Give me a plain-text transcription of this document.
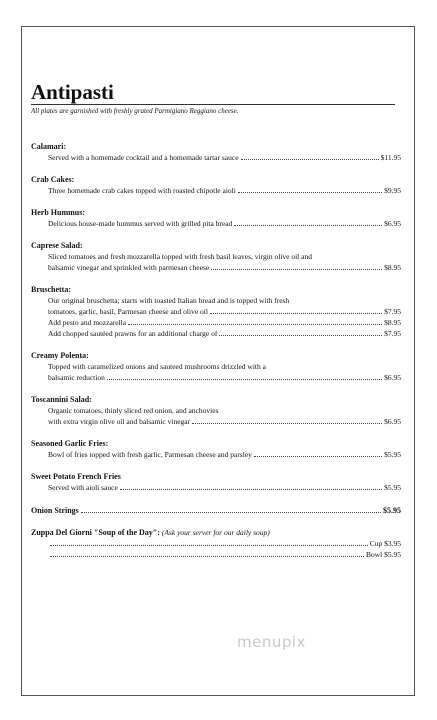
Antipasti
All plates are garnished with freshly grated Parmigiano Reggiano cheese.
Calamari:
Served with a homemade cocktail and a homemade tartar sauce	$11.95
Crab Cakes:
Three homemade crab cakes topped with roasted chipotle aioli	$9.95
Herb Hummus:
Delicious house-made hummus served with grilled pita bread	$6.95
Caprese Salad:
Sliced tomatoes and fresh mozzarella topped with fresh basil leaves, virgin olive oil and
balsamic vinegar and sprinkled with parmesan cheese	$8.95
Bruschetta:
Our original bruschetta; starts with toasted Italian bread and is topped with fresh
tomatoes, garlic, basil, Parmesan cheese and olive oil	$7.95
Add pesto and mozzarella	$8.95
Add chopped sautéed prawns for an additional charge of	$7.95
Creamy Polenta:
Topped with caramelized onions and sauteed mushrooms drizzled with a
balsamic reduction	$6.95
Toscannini Salad:
Organic tomatoes, thinly sliced red onion, and anchovies
with extra virgin olive oil and balsamic vinegar	$6.95
Seasoned Garlic Fries:
Bowl of fries topped with fresh garlic, Parmesan cheese and parsley	$5.95
Sweet Potato French Fries
Served with aioli sauce	$5.95
Onion Strings	$5.95
Zuppa Del Giorni "Soup of the Day": (Ask your server for our daily soup)
Cup $3.95
Bowl $5.95
menupix
